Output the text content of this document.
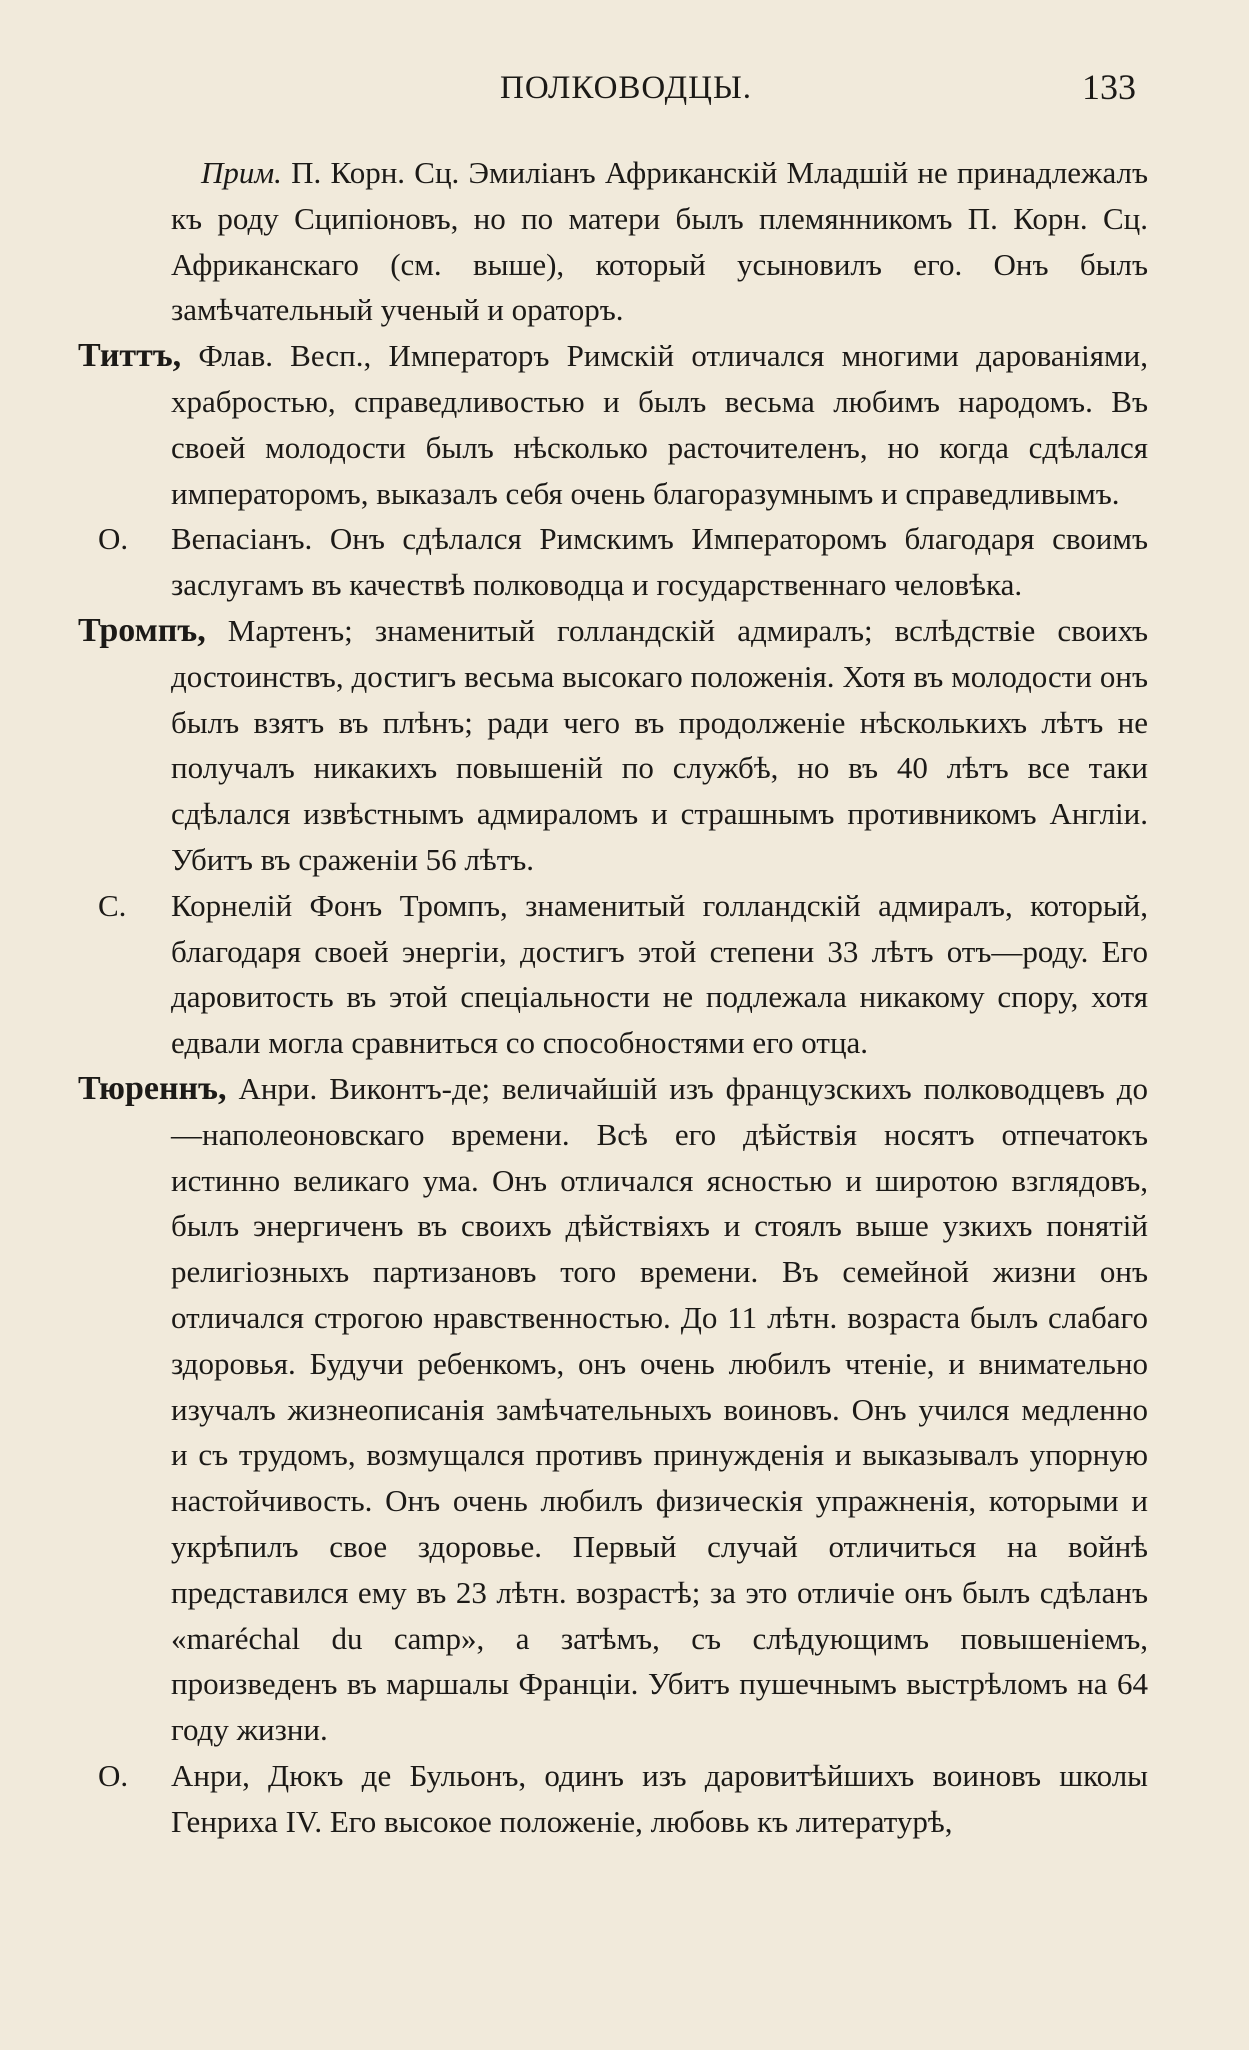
ПОЛКОВОДЦЫ.	133

Прим. П. Корн. Сц. Эмиліанъ Африканскій Младшій не принадлежалъ къ роду Сципіоновъ, но по матери былъ племянникомъ П. Корн. Сц. Африканскаго (см. выше), который усыновилъ его. Онъ былъ замѣчательный ученый и ораторъ.

Титтъ, Флав. Весп., Императоръ Римскій отличался многими дарованіями, храбростью, справедливостью и былъ весьма любимъ народомъ. Въ своей молодости былъ нѣсколько расточителенъ, но когда сдѣлался императоромъ, выказалъ себя очень благоразумнымъ и справедливымъ.

О. Вепасіанъ. Онъ сдѣлался Римскимъ Императоромъ благодаря своимъ заслугамъ въ качествѣ полководца и государственнаго человѣка.

Тромпъ, Мартенъ; знаменитый голландскій адмиралъ; вслѣдствіе своихъ достоинствъ, достигъ весьма высокаго положенія. Хотя въ молодости онъ былъ взятъ въ плѣнъ; ради чего въ продолженіе нѣсколькихъ лѣтъ не получалъ никакихъ повышеній по службѣ, но въ 40 лѣтъ все таки сдѣлался извѣстнымъ адмираломъ и страшнымъ противникомъ Англіи. Убитъ въ сраженіи 56 лѣтъ.

С. Корнелій Фонъ Тромпъ, знаменитый голландскій адмиралъ, который, благодаря своей энергіи, достигъ этой степени 33 лѣтъ отъ—роду. Его даровитость въ этой спеціальности не подлежала никакому спору, хотя едвали могла сравниться со способностями его отца.

Тюреннъ, Анри. Виконтъ-де; величайшій изъ французскихъ полководцевъ до—наполеоновскаго времени. Всѣ его дѣйствія носятъ отпечатокъ истинно великаго ума. Онъ отличался ясностью и широтою взглядовъ, былъ энергиченъ въ своихъ дѣйствіяхъ и стоялъ выше узкихъ понятій религіозныхъ партизановъ того времени. Въ семейной жизни онъ отличался строгою нравственностью. До 11 лѣтн. возраста былъ слабаго здоровья. Будучи ребенкомъ, онъ очень любилъ чтеніе, и внимательно изучалъ жизнеописанія замѣчательныхъ воиновъ. Онъ учился медленно и съ трудомъ, возмущался противъ принужденія и выказывалъ упорную настойчивость. Онъ очень любилъ физическія упражненія, которыми и укрѣпилъ свое здоровье. Первый случай отличиться на войнѣ представился ему въ 23 лѣтн. возрастѣ; за это отличіе онъ былъ сдѣланъ «maréchal du camp», а затѣмъ, съ слѣдующимъ повышеніемъ, произведенъ въ маршалы Франціи. Убитъ пушечнымъ выстрѣломъ на 64 году жизни.

О. Анри, Дюкъ де Бульонъ, одинъ изъ даровитѣйшихъ воиновъ школы Генриха IV. Его высокое положеніе, любовь къ литературѣ,
